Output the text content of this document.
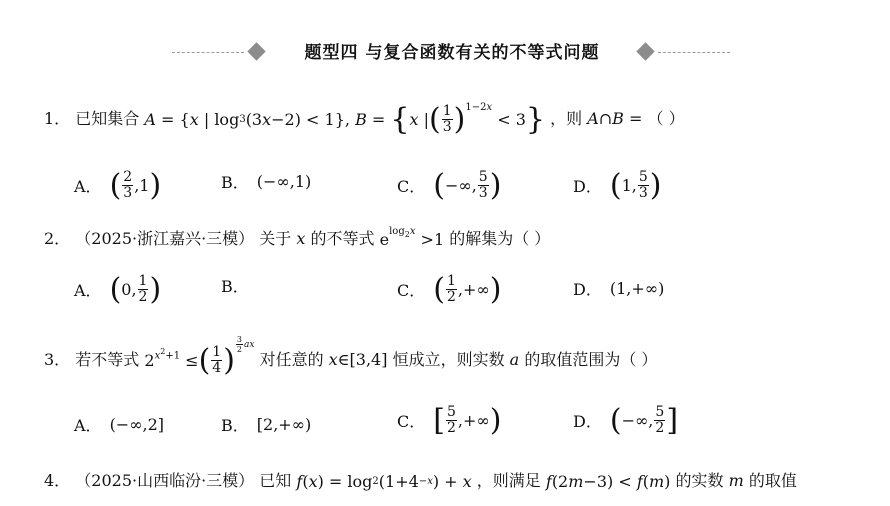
题型四 与复合函数有关的不等式问题
1． 已知集合 A = { x | log 3 (3 x −2) < 1}, B = { x | ( $\frac{1}{3} )^{1-2x}$
< 3 } ，则 A∩B = （ ）
A． ( $\frac{2}{3} ,1$ )	B． (−∞,1)	C． ( −∞, $\frac{5}{3}$ )	D． ( 1, $\frac{5}{3}$ )
2． （2025·浙江嘉兴·三模） 关于 x 的不等式 $e^{log_2x} >1$ 的解集为（ ）
A． ( 0, $\frac{1}{2}$ )	B．	C． ( $\frac{1}{2}$ ,+∞ )	D． (1,+∞)
3． 若不等式 2 $^{x^2+1}$ ≤ ( $\frac{1}{4}$ ) $^{\frac{3}{2} ax}$
对任意的 x∈[3,4] 恒成立，则实数 a 的取值范围为（ ）
A． (−∞,2]	B． [2,+∞)	C． [ $\frac{5}{2}$ ,+∞ )	D． ( −∞, $\frac{5}{2}$ ]
4． （2025·山西临汾·三模） 已知 f ( x ) = log 2 (1+4 −x ) + x ，则满足 f (2 m −3) < f ( m ) 的实数 m 的取值
